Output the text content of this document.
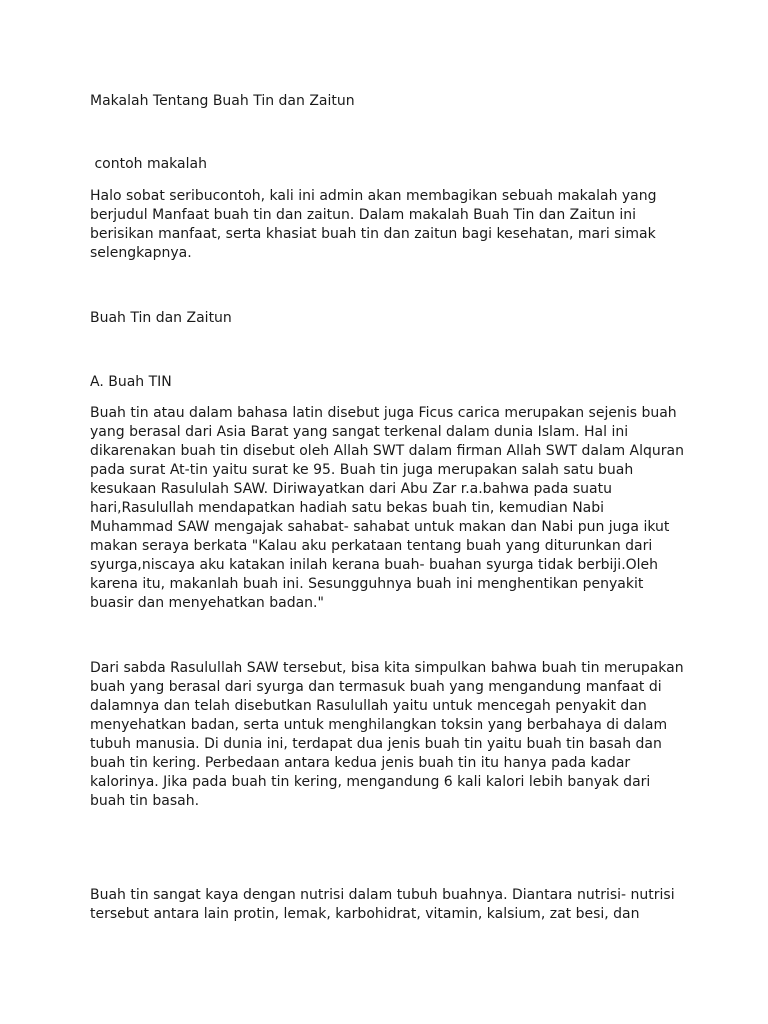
Makalah Tentang Buah Tin dan Zaitun

contoh makalah

Halo sobat seribucontoh, kali ini admin akan membagikan sebuah makalah yang
berjudul Manfaat buah tin dan zaitun. Dalam makalah Buah Tin dan Zaitun ini
berisikan manfaat, serta khasiat buah tin dan zaitun bagi kesehatan, mari simak
selengkapnya.

Buah Tin dan Zaitun

A. Buah TIN

Buah tin atau dalam bahasa latin disebut juga Ficus carica merupakan sejenis buah
yang berasal dari Asia Barat yang sangat terkenal dalam dunia Islam. Hal ini
dikarenakan buah tin disebut oleh Allah SWT dalam firman Allah SWT dalam Alquran
pada surat At-tin yaitu surat ke 95. Buah tin juga merupakan salah satu buah
kesukaan Rasululah SAW. Diriwayatkan dari Abu Zar r.a.bahwa pada suatu
hari,Rasulullah mendapatkan hadiah satu bekas buah tin, kemudian Nabi
Muhammad SAW mengajak sahabat- sahabat untuk makan dan Nabi pun juga ikut
makan seraya berkata "Kalau aku perkataan tentang buah yang diturunkan dari
syurga,niscaya aku katakan inilah kerana buah- buahan syurga tidak berbiji.Oleh
karena itu, makanlah buah ini. Sesungguhnya buah ini menghentikan penyakit
buasir dan menyehatkan badan."

Dari sabda Rasulullah SAW tersebut, bisa kita simpulkan bahwa buah tin merupakan
buah yang berasal dari syurga dan termasuk buah yang mengandung manfaat di
dalamnya dan telah disebutkan Rasulullah yaitu untuk mencegah penyakit dan
menyehatkan badan, serta untuk menghilangkan toksin yang berbahaya di dalam
tubuh manusia. Di dunia ini, terdapat dua jenis buah tin yaitu buah tin basah dan
buah tin kering. Perbedaan antara kedua jenis buah tin itu hanya pada kadar
kalorinya. Jika pada buah tin kering, mengandung 6 kali kalori lebih banyak dari
buah tin basah.

Buah tin sangat kaya dengan nutrisi dalam tubuh buahnya. Diantara nutrisi- nutrisi
tersebut antara lain protin, lemak, karbohidrat, vitamin, kalsium, zat besi, dan
